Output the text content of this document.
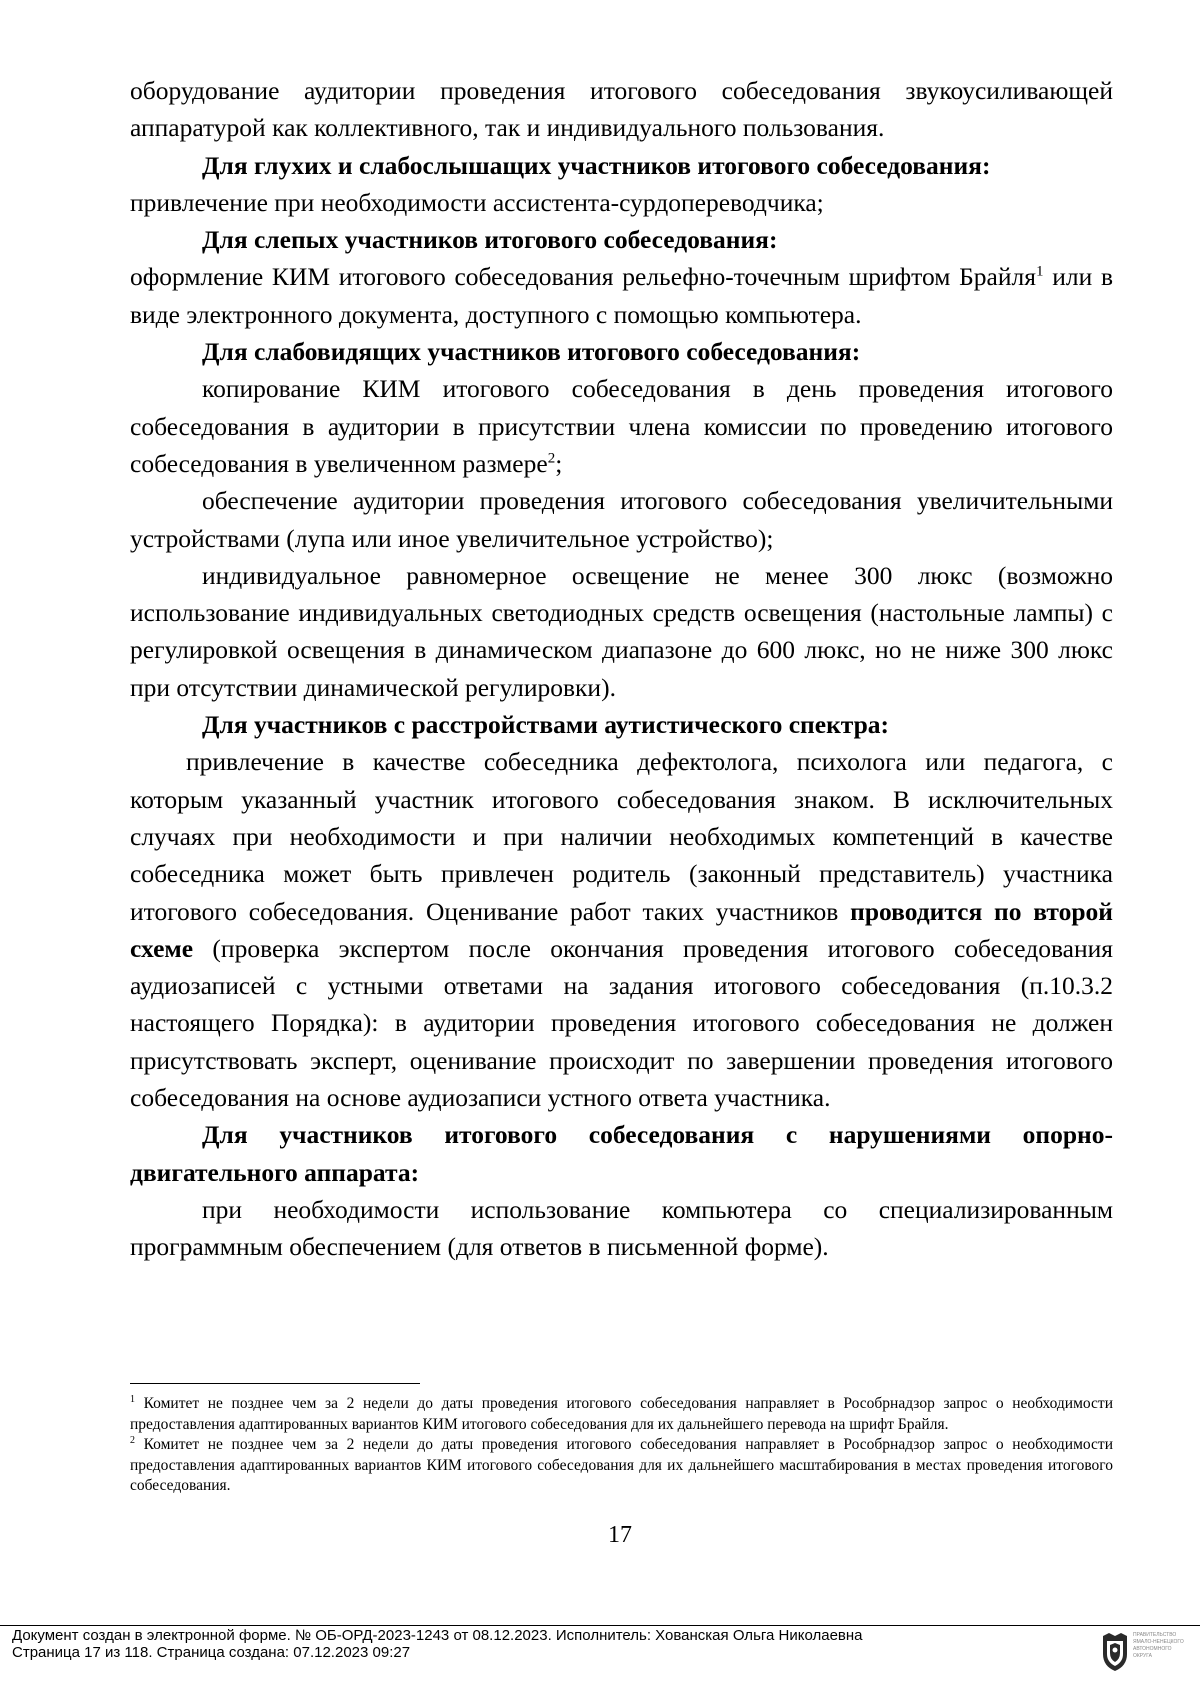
оборудование аудитории проведения итогового собеседования звукоусиливающей аппаратурой как коллективного, так и индивидуального пользования.

Для глухих и слабослышащих участников итогового собеседования:

привлечение при необходимости ассистента-сурдопереводчика;

Для слепых участников итогового собеседования:

оформление КИМ итогового собеседования рельефно-точечным шрифтом Брайля$^1$ или в виде электронного документа, доступного с помощью компьютера.

Для слабовидящих участников итогового собеседования:

копирование КИМ итогового собеседования в день проведения итогового собеседования в аудитории в присутствии члена комиссии по проведению итогового собеседования в увеличенном размере$^2$;

обеспечение аудитории проведения итогового собеседования увеличительными устройствами (лупа или иное увеличительное устройство);

индивидуальное равномерное освещение не менее 300 люкс (возможно использование индивидуальных светодиодных средств освещения (настольные лампы) с регулировкой освещения в динамическом диапазоне до 600 люкс, но не ниже 300 люкс при отсутствии динамической регулировки).

Для участников с расстройствами аутистического спектра:

привлечение в качестве собеседника дефектолога, психолога или педагога, с которым указанный участник итогового собеседования знаком. В исключительных случаях при необходимости и при наличии необходимых компетенций в качестве собеседника может быть привлечен родитель (законный представитель) участника итогового собеседования. Оценивание работ таких участников проводится по второй схеме (проверка экспертом после окончания проведения итогового собеседования аудиозаписей с устными ответами на задания итогового собеседования (п.10.3.2 настоящего Порядка): в аудитории проведения итогового собеседования не должен присутствовать эксперт, оценивание происходит по завершении проведения итогового собеседования на основе аудиозаписи устного ответа участника.

Для участников итогового собеседования с нарушениями опорно-двигательного аппарата:

при необходимости использование компьютера со специализированным программным обеспечением (для ответов в письменной форме).

$^1$ Комитет не позднее чем за 2 недели до даты проведения итогового собеседования направляет в Рособрнадзор запрос о необходимости предоставления адаптированных вариантов КИМ итогового собеседования для их дальнейшего перевода на шрифт Брайля.

$^2$ Комитет не позднее чем за 2 недели до даты проведения итогового собеседования направляет в Рособрнадзор запрос о необходимости предоставления адаптированных вариантов КИМ итогового собеседования для их дальнейшего масштабирования в местах проведения итогового собеседования.

17
Документ создан в электронной форме. № ОБ-ОРД-2023-1243 от 08.12.2023. Исполнитель: Хованская Ольга Николаевна
Страница 17 из 118. Страница создана: 07.12.2023 09:27
ПРАВИТЕЛЬСТВО
ЯМАЛО-НЕНЕЦКОГО
АВТОНОМНОГО
ОКРУГА
